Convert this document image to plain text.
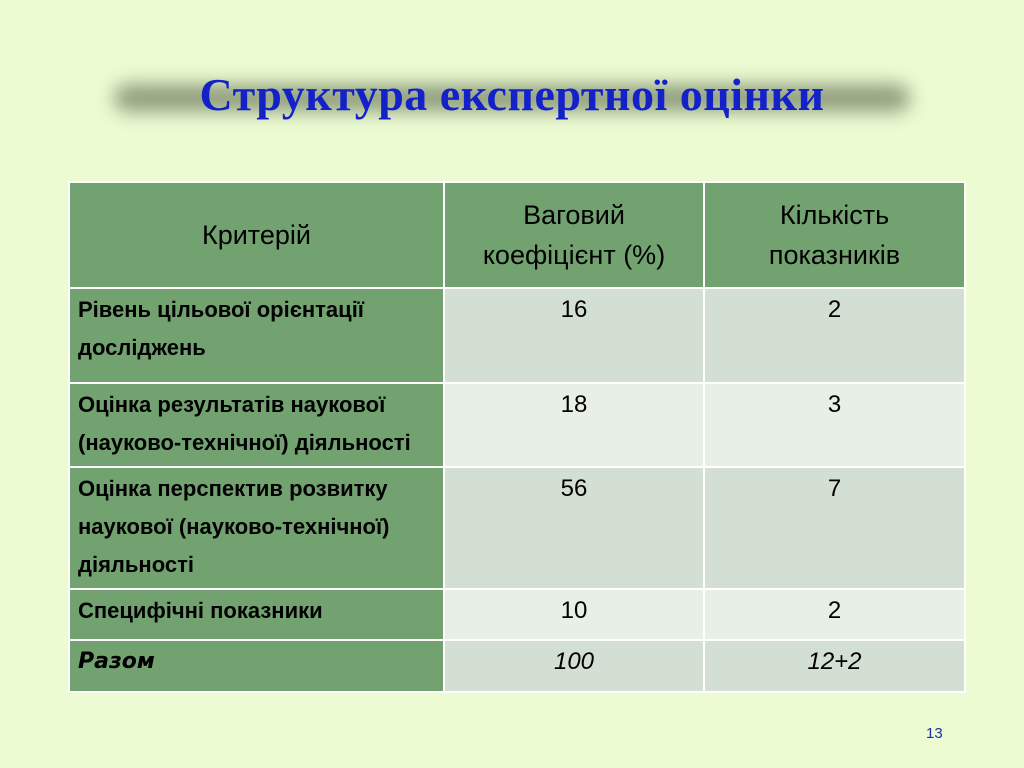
Структура експертної оцінки
Критерій	Ваговий коефіцієнт (%)	Кількість показників
Рівень цільової орієнтації досліджень	16	2
Оцінка результатів наукової (науково-технічної) діяльності	18	3
Оцінка перспектив розвитку наукової (науково-технічної) діяльності	56	7
Специфічні показники	10	2
Разом	100	12+2
13
